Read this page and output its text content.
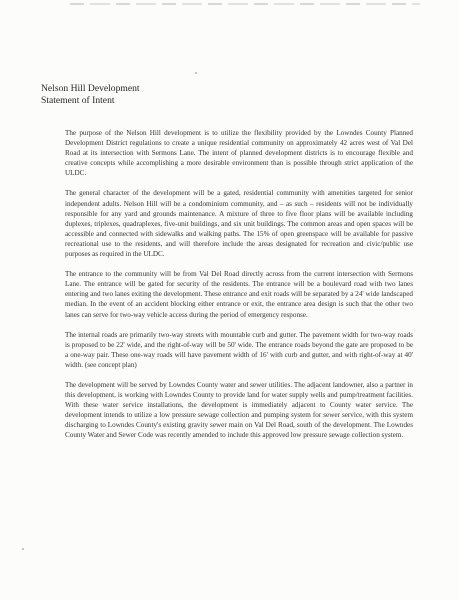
Nelson Hill Development
Statement of Intent

The purpose of the Nelson Hill development is to utilize the flexibility provided by the Lowndes County Planned Development District regulations to create a unique residential community on approximately 42 acres west of Val Del Road at its intersection with Sermons Lane. The intent of planned development districts is to encourage flexible and creative concepts while accomplishing a more desirable environment than is possible through strict application of the ULDC.

The general character of the development will be a gated, residential community with amenities targeted for senior independent adults. Nelson Hill will be a condominium community, and – as such – residents will not be individually responsible for any yard and grounds maintenance. A mixture of three to five floor plans will be available including duplexes, triplexes, quadraplexes, five-unit buildings, and six unit buildings. The common areas and open spaces will be accessible and connected with sidewalks and walking paths. The 15% of open greenspace will be available for passive recreational use to the residents, and will therefore include the areas designated for recreation and civic/public use purposes as required in the ULDC.

The entrance to the community will be from Val Del Road directly across from the current intersection with Sermons Lane. The entrance will be gated for security of the residents. The entrance will be a boulevard road with two lanes entering and two lanes exiting the development. These entrance and exit roads will be separated by a 24' wide landscaped median. In the event of an accident blocking either entrance or exit, the entrance area design is such that the other two lanes can serve for two-way vehicle access during the period of emergency response.

The internal roads are primarily two-way streets with mountable curb and gutter. The pavement width for two-way roads is proposed to be 22' wide, and the right-of-way will be 50' wide. The entrance roads beyond the gate are proposed to be a one-way pair. These one-way roads will have pavement width of 16' with curb and gutter, and with right-of-way at 40' width. (see concept plan)

The development will be served by Lowndes County water and sewer utilities. The adjacent landowner, also a partner in this development, is working with Lowndes County to provide land for water supply wells and pump/treatment facilities. With these water service installations, the development is immediately adjacent to County water service. The development intends to utilize a low pressure sewage collection and pumping system for sewer service, with this system discharging to Lowndes County's existing gravity sewer main on Val Del Road, south of the development. The Lowndes County Water and Sewer Code was recently amended to include this approved low pressure sewage collection system.
